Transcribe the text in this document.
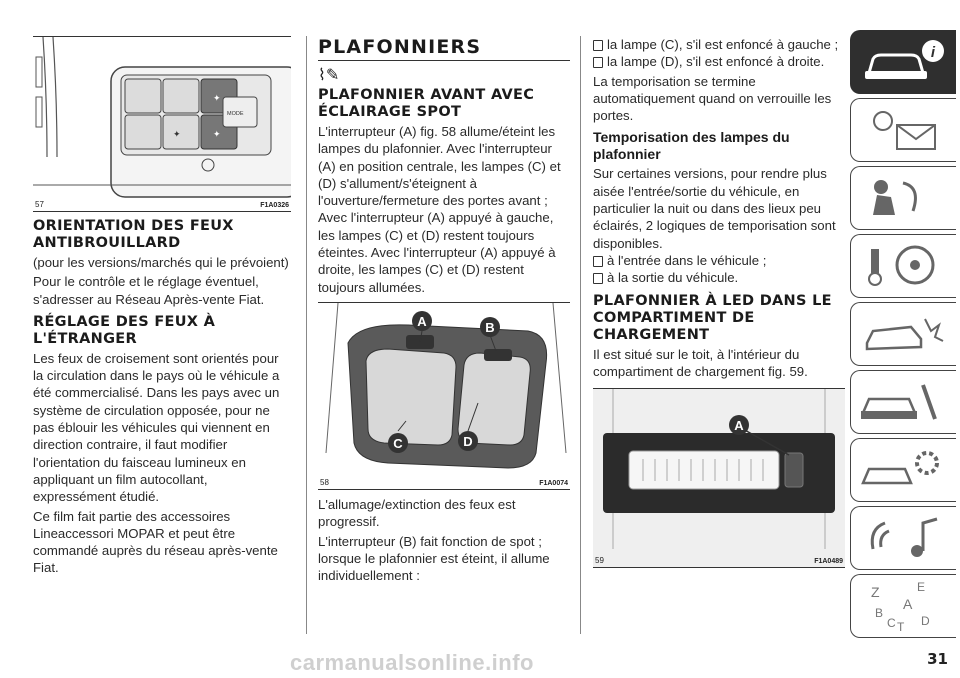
MODE
✦
✦
✦
57	F1A0326
ORIENTATION DES FEUX ANTIBROUILLARD

(pour les versions/marchés qui le prévoient)

Pour le contrôle et le réglage éventuel, s'adresser au Réseau Après-vente Fiat.

RÉGLAGE DES FEUX À L'ÉTRANGER

Les feux de croisement sont orientés pour la circulation dans le pays où le véhicule a été commercialisé. Dans les pays avec un système de circulation opposée, pour ne pas éblouir les véhicules qui viennent en direction contraire, il faut modifier l'orientation du faisceau lumineux en appliquant un film autocollant, expressément étudié.

Ce film fait partie des accessoires Lineaccessori MOPAR et peut être commandé auprès du réseau après-vente Fiat.

PLAFONNIERS
⌇✎
PLAFONNIER AVANT AVEC ÉCLAIRAGE SPOT

L'interrupteur (A) fig. 58 allume/éteint les lampes du plafonnier. Avec l'interrupteur (A) en position centrale, les lampes (C) et (D) s'allument/s'éteignent à l'ouverture/fermeture des portes avant ; Avec l'interrupteur (A) appuyé à gauche, les lampes (C) et (D) restent toujours éteintes. Avec l'interrupteur (A) appuyé à droite, les lampes (C) et (D) restent toujours allumées.

A	B
C	D
58	F1A0074

L'allumage/extinction des feux est progressif.

L'interrupteur (B) fait fonction de spot ; lorsque le plafonnier est éteint, il allume individuellement :

la lampe (C), s'il est enfoncé à gauche ;
la lampe (D), s'il est enfoncé à droite.

La temporisation se termine automatiquement quand on verrouille les portes.

Temporisation des lampes du plafonnier

Sur certaines versions, pour rendre plus aisée l'entrée/sortie du véhicule, en particulier la nuit ou dans des lieux peu éclairés, 2 logiques de temporisation sont disponibles.

à l'entrée dans le véhicule ;
à la sortie du véhicule.
PLAFONNIER À LED DANS LE COMPARTIMENT DE CHARGEMENT

Il est situé sur le toit, à l'intérieur du compartiment de chargement fig. 59.

A
59	F1A0489
i
Z	E
A
B
C T D
31
carmanualsonline.info
